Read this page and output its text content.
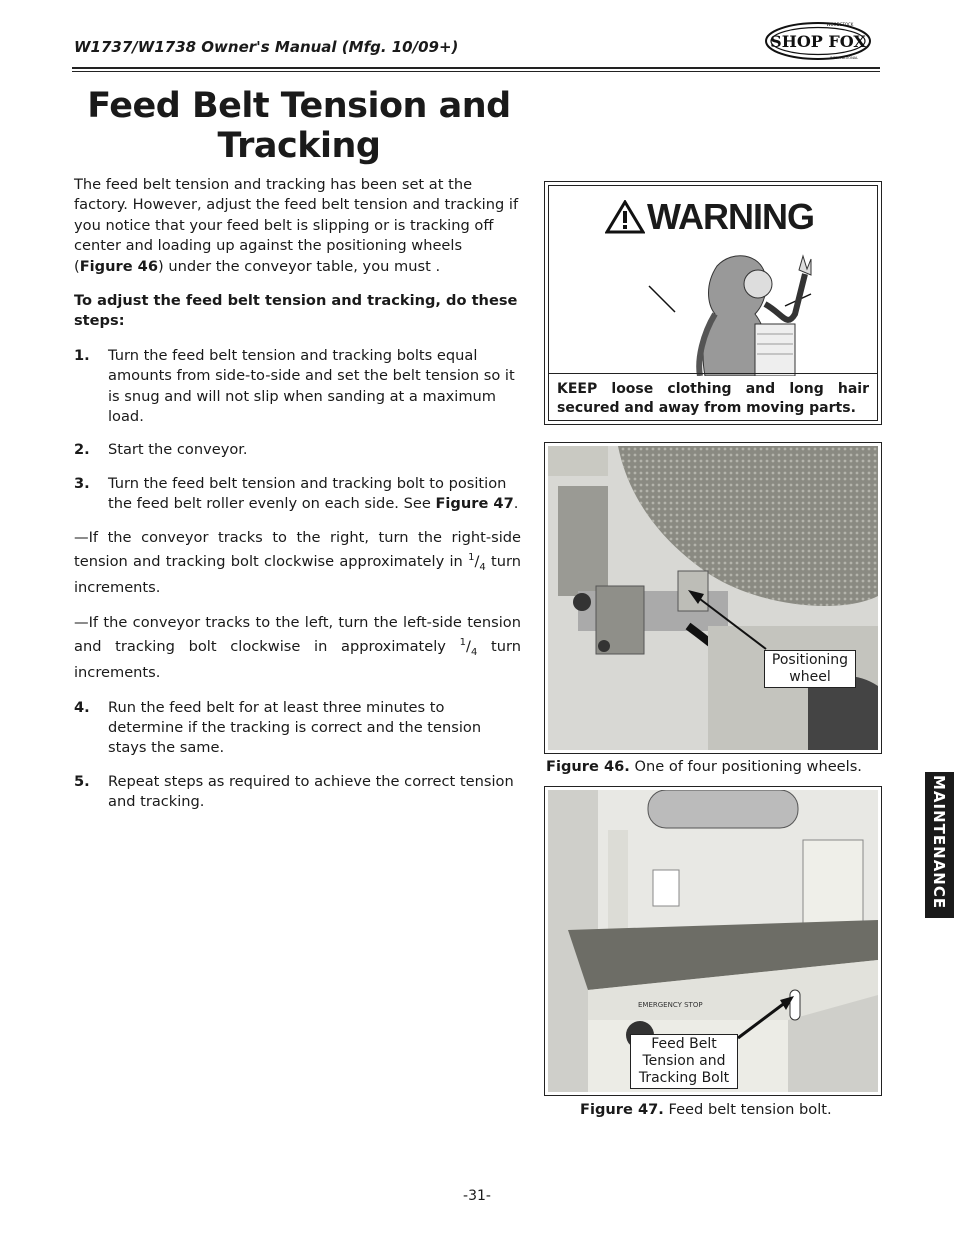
W1737/W1738 Owner's Manual (Mfg. 10/09+)	SHOP FOX
WOODSTOCK
INTERNATIONAL
Feed Belt Tension and
Tracking

The feed belt tension and tracking has been set at the factory. However, adjust the feed belt tension and tracking if you notice that your feed belt is slipping or is tracking off center and loading up against the positioning wheels (Figure 46) under the conveyor table, you must .

To adjust the feed belt tension and tracking, do these steps:

1. Turn the feed belt tension and tracking bolts equal amounts from side-to-side and set the belt tension so it is snug and will not slip when sanding at a maximum load.
2. Start the conveyor.
3. Turn the feed belt tension and tracking bolt to position the feed belt roller evenly on each side. See Figure 47.

—If the conveyor tracks to the right, turn the right-side tension and tracking bolt clockwise approximately in $^1/_4$ turn increments.

—If the conveyor tracks to the left, turn the left-side tension and tracking bolt clockwise in approximately $^1/_4$ turn increments.

4. Run the feed belt for at least three minutes to determine if the tracking is correct and the tension stays the same.
5. Repeat steps as required to achieve the correct tension and tracking.
WARNING
KEEP loose clothing and long hair secured and away from moving parts.
Positioning
wheel
Figure 46. One of four positioning wheels.
EMERGENCY STOP
Feed Belt
Tension and
Tracking Bolt
Figure 47. Feed belt tension bolt.
MAINTENANCE
-31-
